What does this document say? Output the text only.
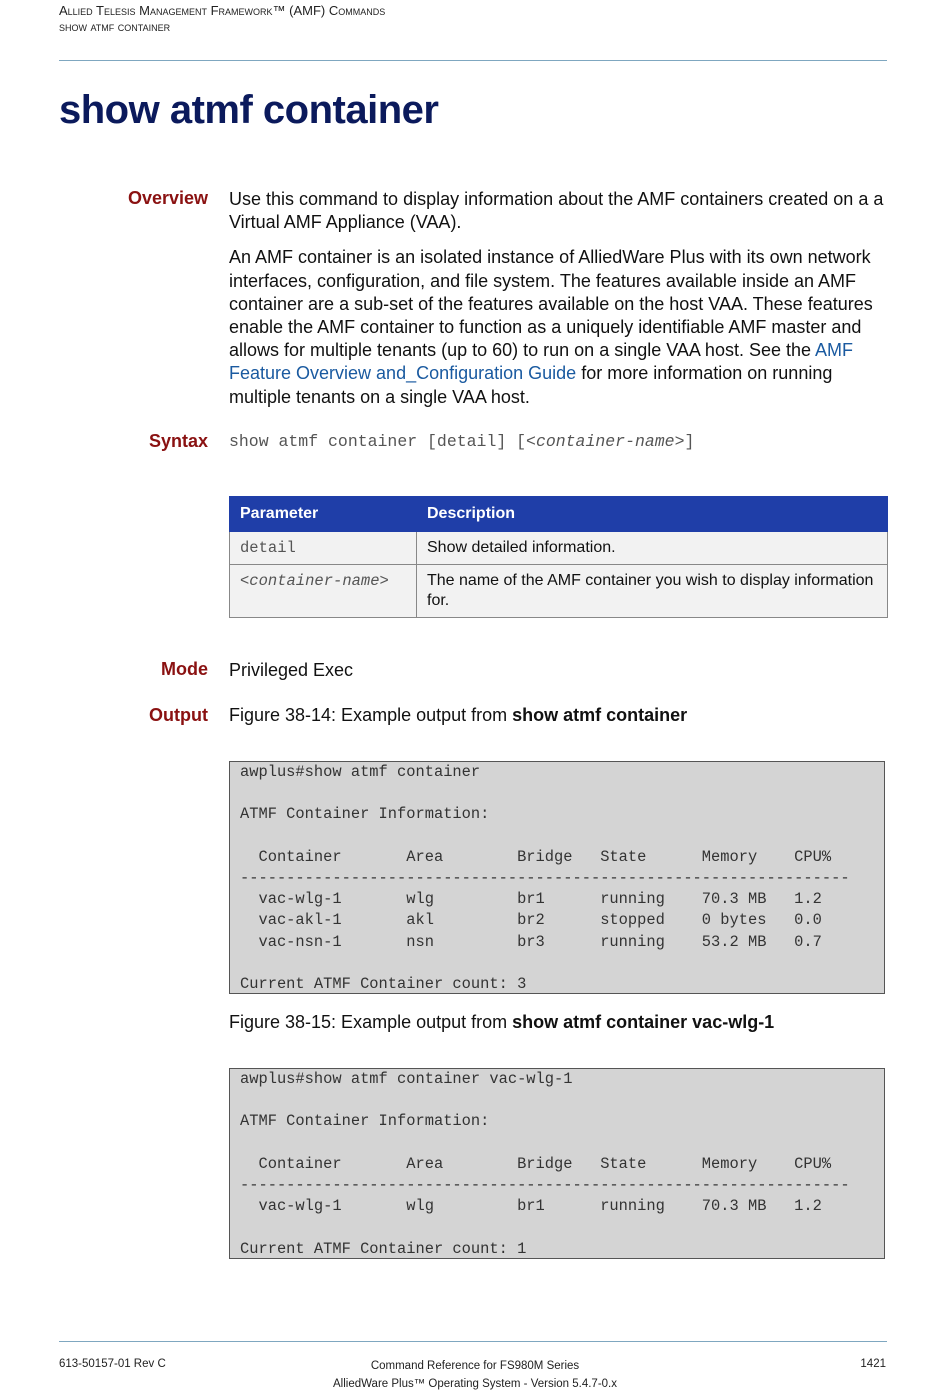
Allied Telesis Management Framework™ (AMF) Commands
show atmf container
show atmf container
Overview Use this command to display information about the AMF containers created on a a Virtual AMF Appliance (VAA).

An AMF container is an isolated instance of AlliedWare Plus with its own network interfaces, configuration, and file system. The features available inside an AMF container are a sub-set of the features available on the host VAA. These features enable the AMF container to function as a uniquely identifiable AMF master and allows for multiple tenants (up to 60) to run on a single VAA host. See the AMF Feature Overview and_Configuration Guide for more information on running multiple tenants on a single VAA host.

Syntax show atmf container [detail] [<container-name>]
Parameter	Description
detail	Show detailed information.
<container-name>	The name of the AMF container you wish to display information for.
Mode Privileged Exec
Output Figure 38-14: Example output from show atmf container
awplus#show atmf container

ATMF Container Information:

Container       Area        Bridge   State      Memory    CPU%
------------------------------------------------------------------
vac-wlg-1       wlg         br1      running    70.3 MB   1.2
vac-akl-1       akl         br2      stopped    0 bytes   0.0
vac-nsn-1       nsn         br3      running    53.2 MB   0.7

Current ATMF Container count: 3
Figure 38-15: Example output from show atmf container vac-wlg-1
awplus#show atmf container vac-wlg-1

ATMF Container Information:

Container       Area        Bridge   State      Memory    CPU%
------------------------------------------------------------------
vac-wlg-1       wlg         br1      running    70.3 MB   1.2

Current ATMF Container count: 1
613-50157-01 Rev C	Command Reference for FS980M Series
AlliedWare Plus™ Operating System - Version 5.4.7-0.x
1421
